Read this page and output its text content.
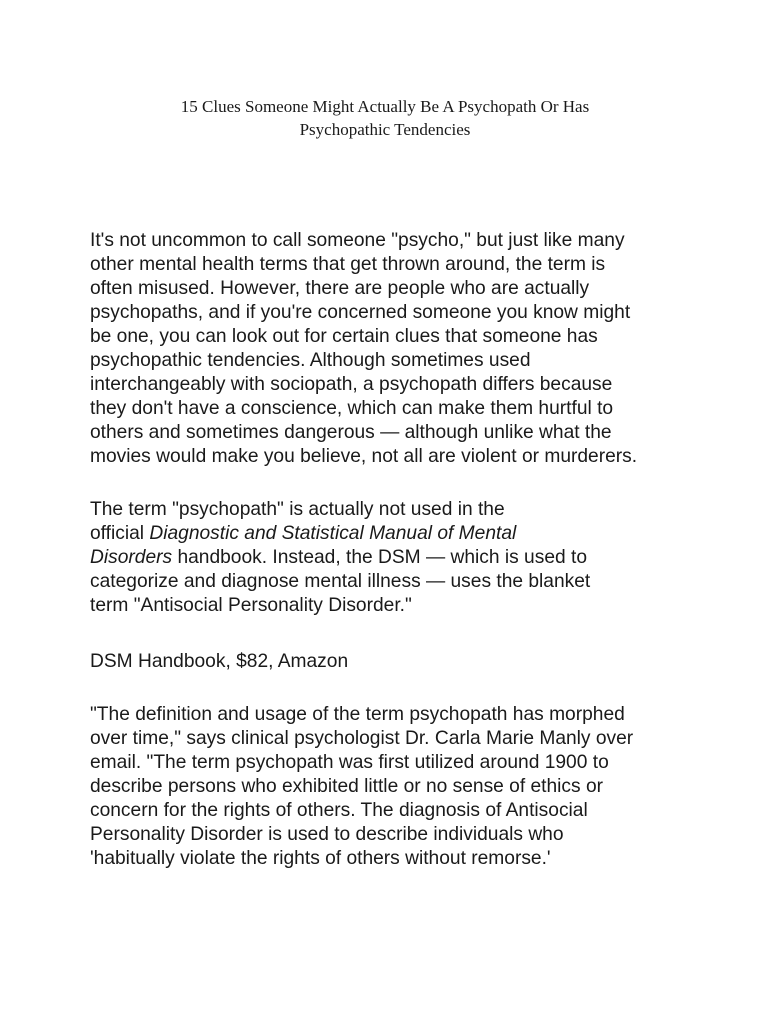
15 Clues Someone Might Actually Be A Psychopath Or Has
Psychopathic Tendencies
It's not uncommon to call someone "psycho," but just like many
other mental health terms that get thrown around, the term is
often misused. However, there are people who are actually
psychopaths, and if you're concerned someone you know might
be one, you can look out for certain clues that someone has
psychopathic tendencies. Although sometimes used
interchangeably with sociopath, a psychopath differs because
they don't have a conscience, which can make them hurtful to
others and sometimes dangerous — although unlike what the
movies would make you believe, not all are violent or murderers.
The term "psychopath" is actually not used in the
official Diagnostic and Statistical Manual of Mental
Disorders handbook. Instead, the DSM — which is used to
categorize and diagnose mental illness — uses the blanket
term "Antisocial Personality Disorder."
DSM Handbook, $82, Amazon
"The definition and usage of the term psychopath has morphed
over time," says clinical psychologist Dr. Carla Marie Manly over
email. "The term psychopath was first utilized around 1900 to
describe persons who exhibited little or no sense of ethics or
concern for the rights of others. The diagnosis of Antisocial
Personality Disorder is used to describe individuals who
'habitually violate the rights of others without remorse.'
